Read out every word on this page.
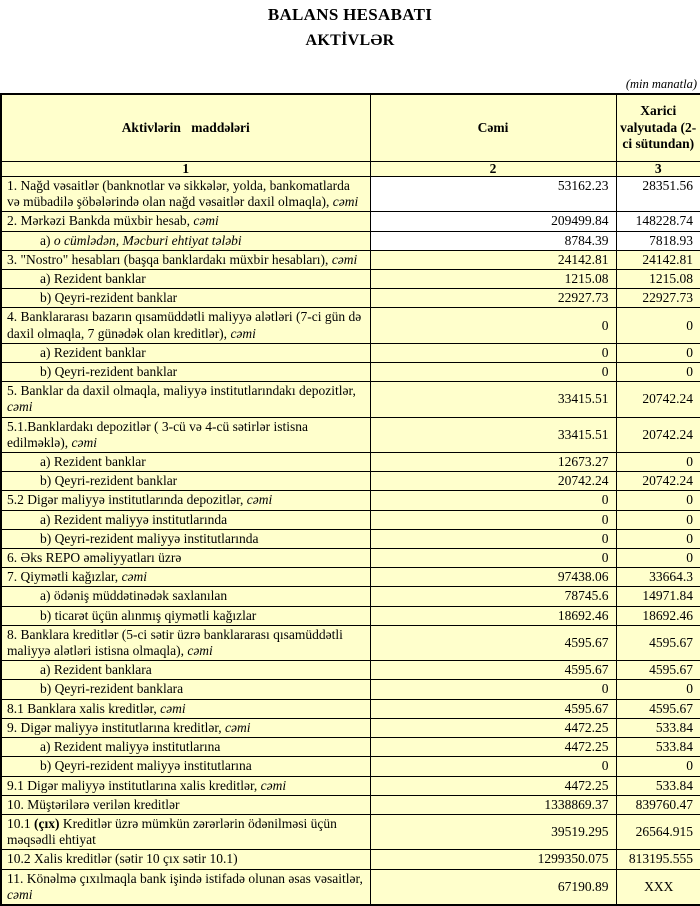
BALANS HESABATI
AKTİVLƏR
(min manatla)
Aktivlərin maddələri	Cəmi	Xarici valyutada (2-ci sütundan)
1	2	3
1. Nağd vəsaitlər (banknotlar və sikkələr, yolda, bankomatlarda və mübadilə şöbələrində olan nağd vəsaitlər daxil olmaqla), cəmi	53162.23	28351.56
2. Mərkəzi Bankda müxbir hesab, cəmi	209499.84	148228.74
a) o cümlədən, Məcburi ehtiyat tələbi	8784.39	7818.93
3. "Nostro" hesabları (başqa banklardakı müxbir hesabları), cəmi	24142.81	24142.81
a) Rezident banklar	1215.08	1215.08
b) Qeyri-rezident banklar	22927.73	22927.73
4. Banklararası bazarın qısamüddətli maliyyə alətləri (7-ci gün də daxil olmaqla, 7 günədək olan kreditlər), cəmi	0	0
a) Rezident banklar	0	0
b) Qeyri-rezident banklar	0	0
5. Banklar da daxil olmaqla, maliyyə institutlarındakı depozitlər, cəmi	33415.51	20742.24
5.1.Banklardakı depozitlər ( 3-cü və 4-cü sətirlər istisna edilməklə), cəmi	33415.51	20742.24
a) Rezident banklar	12673.27	0
b) Qeyri-rezident banklar	20742.24	20742.24
5.2 Digər maliyyə institutlarında depozitlər, cəmi	0	0
a) Rezident maliyyə institutlarında	0	0
b) Qeyri-rezident maliyyə institutlarında	0	0
6. Əks REPO əməliyyatları üzrə	0	0
7. Qiymətli kağızlar, cəmi	97438.06	33664.3
a) ödəniş müddətinədək saxlanılan	78745.6	14971.84
b) ticarət üçün alınmış qiymətli kağızlar	18692.46	18692.46
8. Banklara kreditlər (5-ci sətir üzrə banklararası qısamüddətli maliyyə alətləri istisna olmaqla), cəmi	4595.67	4595.67
a) Rezident banklara	4595.67	4595.67
b) Qeyri-rezident banklara	0	0
8.1 Banklara xalis kreditlər, cəmi	4595.67	4595.67
9. Digər maliyyə institutlarına kreditlər, cəmi	4472.25	533.84
a) Rezident maliyyə institutlarına	4472.25	533.84
b) Qeyri-rezident maliyyə institutlarına	0	0
9.1 Digər maliyyə institutlarına xalis kreditlər, cəmi	4472.25	533.84
10. Müştərilərə verilən kreditlər	1338869.37	839760.47
10.1 (çıx) Kreditlər üzrə mümkün zərərlərin ödənilməsi üçün məqsədli ehtiyat	39519.295	26564.915
10.2 Xalis kreditlər (sətir 10 çıx sətir 10.1)	1299350.075	813195.555
11. Könəlmə çıxılmaqla bank işində istifadə olunan əsas vəsaitlər, cəmi	67190.89	XXX
